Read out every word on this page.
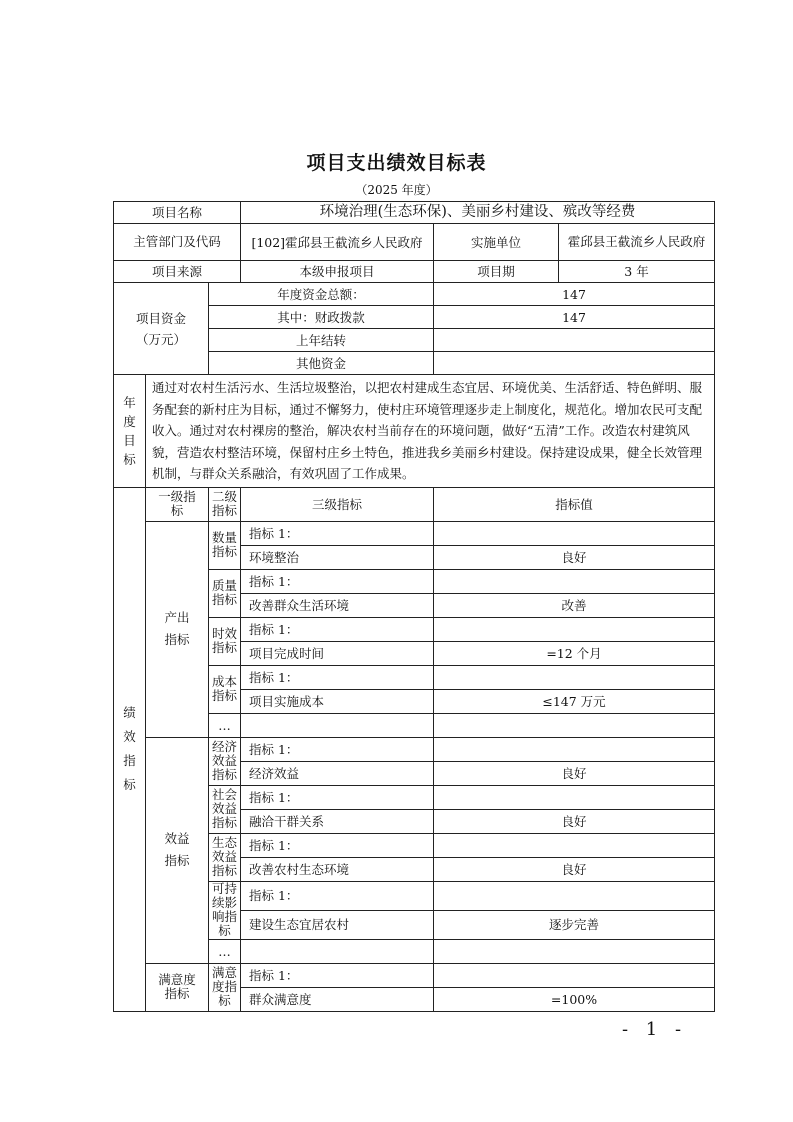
项目支出绩效目标表
（2025 年度）
项目名称			环境治理(生态环保)、美丽乡村建设、殡改等经费		
主管部门及代码			[102]霍邱县王截流乡人民政府	实施单位	霍邱县王截流乡人民政府
项目来源			本级申报项目	项目期	3 年

项目资金
（万元）		年度资金总额：		147	
		其中：财政拨款		147	
		上年结转			
		其他资金			
年度目标	通过对农村生活污水、生活垃圾整治，以把农村建成生态宜居、环境优美、生活舒适、特色鲜明、服务配套的新村庄为目标，通过不懈努力，使村庄环境管理逐步走上制度化，规范化。增加农民可支配收入。通过对农村裸房的整治，解决农村当前存在的环境问题，做好“五清”工作。改造农村建筑风貌，营造农村整洁环境，保留村庄乡土特色，推进我乡美丽乡村建设。保持建设成果，健全长效管理机制，与群众关系融洽，有效巩固了工作成果。				
绩效指标	一级指标	二级指标	三级指标	指标值	
	产出指标	数量指标	指标 1：		
			环境整治	良好	
		质量指标	指标 1：		
			改善群众生活环境	改善	
		时效指标	指标 1：		
			项目完成时间	=12 个月	
		成本指标	指标 1：		
			项目实施成本	≤147 万元	
		…			
	效益指标	经济效益指标	指标 1：		
			经济效益	良好	
		社会效益指标	指标 1：		
			融洽干群关系	良好	
		生态效益指标	指标 1：		
			改善农村生态环境	良好	
		可持续影响指标	指标 1：		
			建设生态宜居农村	逐步完善	
		…			
	满意度指标	满意度指标	指标 1：		
			群众满意度	=100%	
- 1 -
